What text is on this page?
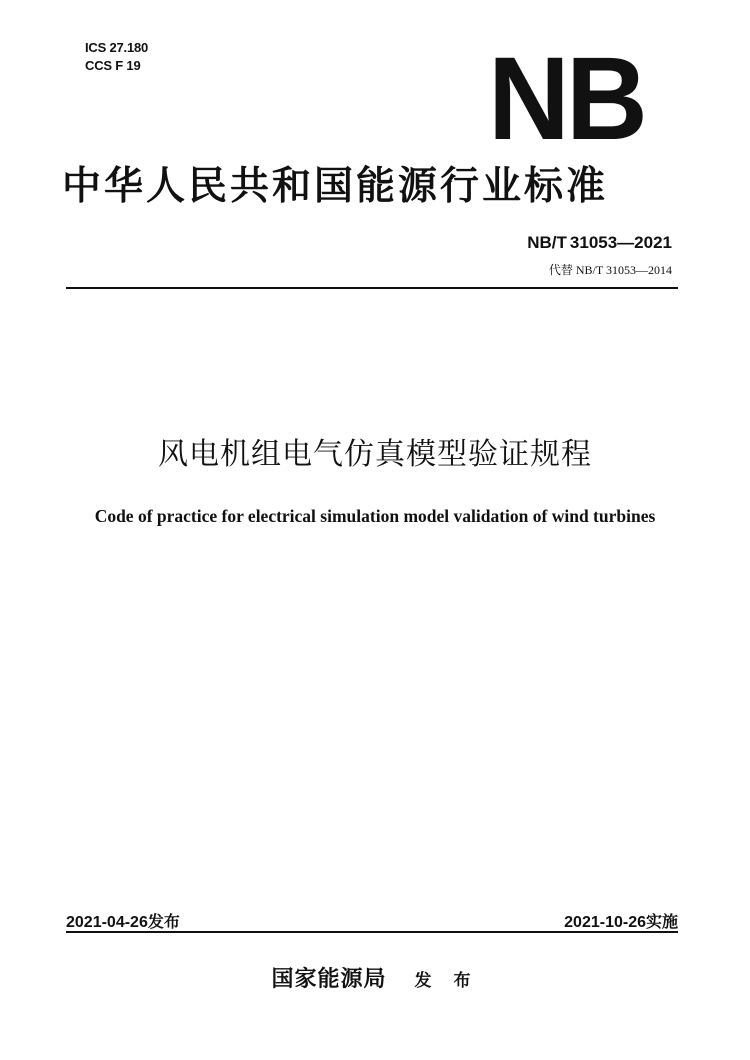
ICS 27.180
CCS F 19	NB
中华人民共和国能源行业标准
NB/T 31053—2021
代替 NB/T 31053—2014
风电机组电气仿真模型验证规程
Code of practice for electrical simulation model validation of wind turbines
2021-04-26发布	2021-10-26实施
国家能源局 发 布
